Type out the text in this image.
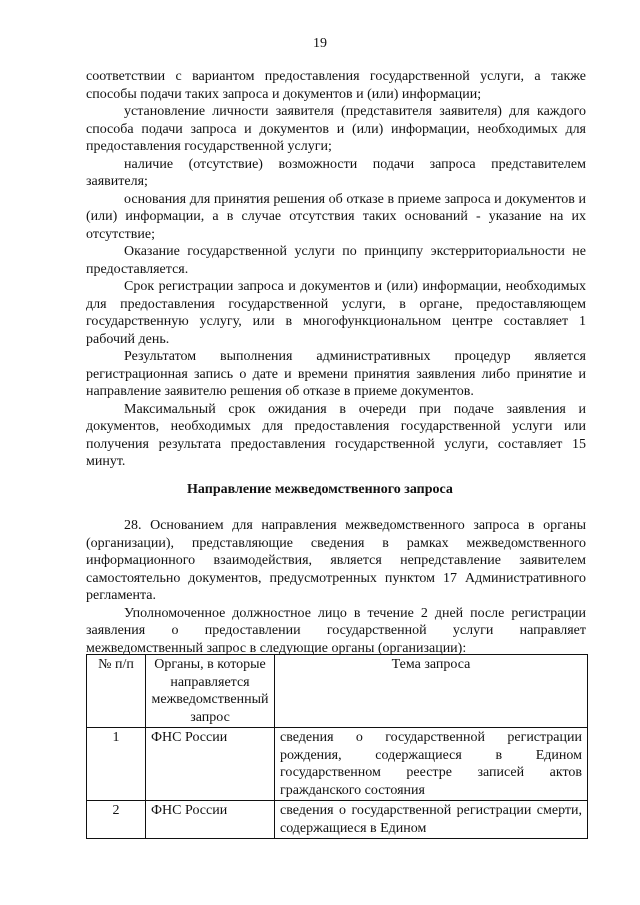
19

соответствии с вариантом предоставления государственной услуги, а также способы подачи таких запроса и документов и (или) информации;

установление личности заявителя (представителя заявителя) для каждого способа подачи запроса и документов и (или) информации, необходимых для предоставления государственной услуги;

наличие (отсутствие) возможности подачи запроса представителем заявителя;

основания для принятия решения об отказе в приеме запроса и документов и (или) информации, а в случае отсутствия таких оснований - указание на их отсутствие;

Оказание государственной услуги по принципу экстерриториальности не предоставляется.

Срок регистрации запроса и документов и (или) информации, необходимых для предоставления государственной услуги, в органе, предоставляющем государственную услугу, или в многофункциональном центре составляет 1 рабочий день.

Результатом выполнения административных процедур является регистрационная запись о дате и времени принятия заявления либо принятие и направление заявителю решения об отказе в приеме документов.

Максимальный срок ожидания в очереди при подаче заявления и документов, необходимых для предоставления государственной услуги или получения результата предоставления государственной услуги, составляет 15 минут.

Направление межведомственного запроса

28. Основанием для направления межведомственного запроса в органы (организации), представляющие сведения в рамках межведомственного информационного взаимодействия, является непредставление заявителем самостоятельно документов, предусмотренных пунктом 17 Административного регламента.

Уполномоченное должностное лицо в течение 2 дней после регистрации заявления о предоставлении государственной услуги направляет межведомственный запрос в следующие органы (организации):

№ п/п	Органы, в которые направляется межведомственный запрос	Тема запроса
1	ФНС России	сведения о государственной регистрации рождения, содержащиеся в Едином государственном реестре записей актов гражданского состояния
2	ФНС России	сведения о государственной регистрации смерти, содержащиеся в Едином
